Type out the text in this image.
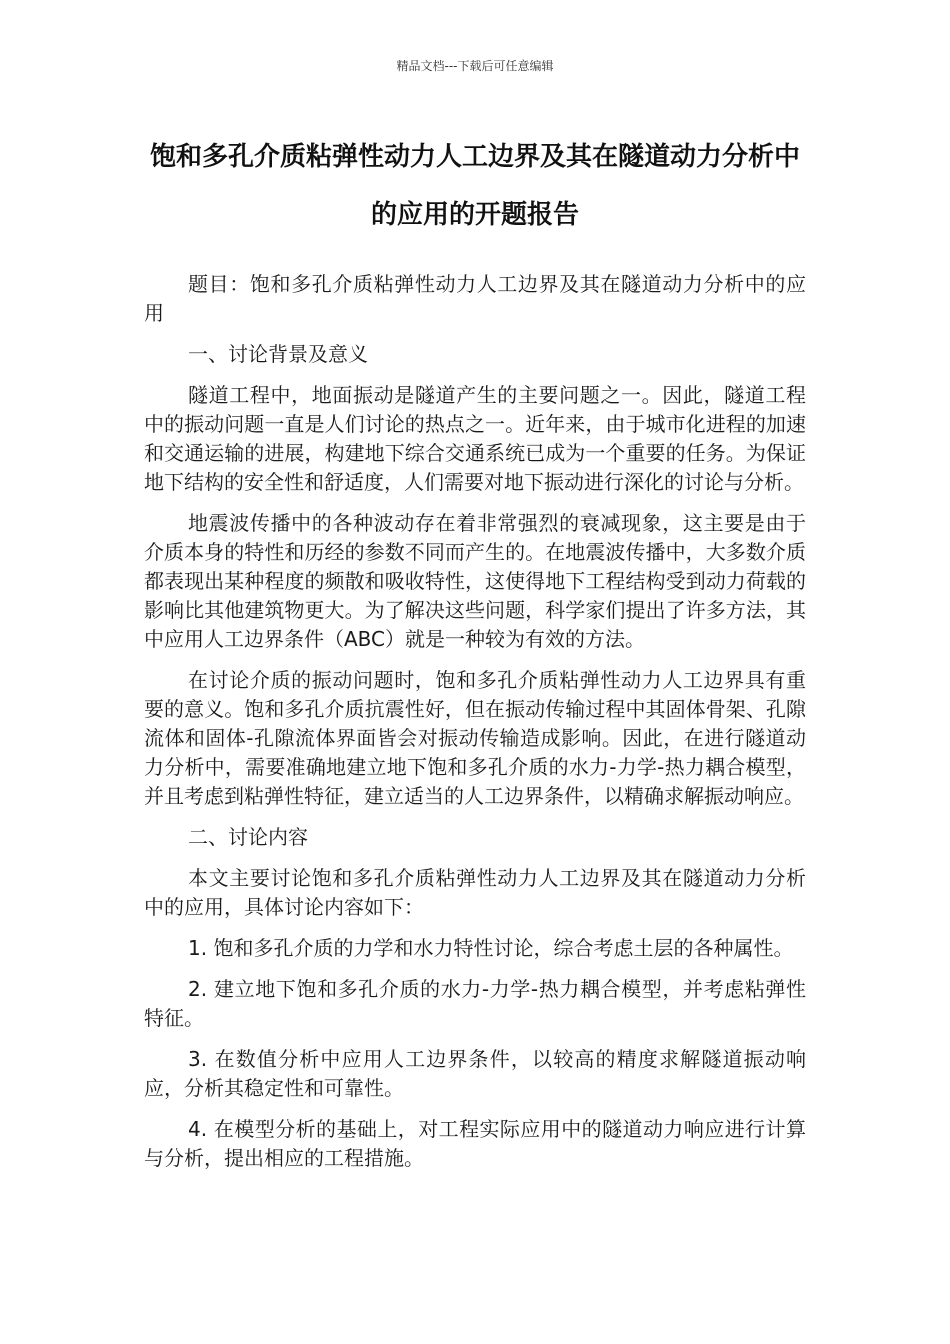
精品文档---下载后可任意编辑
饱和多孔介质粘弹性动力人工边界及其在隧道动力分析中的应用的开题报告

题目：饱和多孔介质粘弹性动力人工边界及其在隧道动力分析中的应用

一、讨论背景及意义

隧道工程中，地面振动是隧道产生的主要问题之一。因此，隧道工程中的振动问题一直是人们讨论的热点之一。近年来，由于城市化进程的加速和交通运输的进展，构建地下综合交通系统已成为一个重要的任务。为保证地下结构的安全性和舒适度，人们需要对地下振动进行深化的讨论与分析。

地震波传播中的各种波动存在着非常强烈的衰减现象，这主要是由于介质本身的特性和历经的参数不同而产生的。在地震波传播中，大多数介质都表现出某种程度的频散和吸收特性，这使得地下工程结构受到动力荷载的影响比其他建筑物更大。为了解决这些问题，科学家们提出了许多方法，其中应用人工边界条件（ABC）就是一种较为有效的方法。

在讨论介质的振动问题时，饱和多孔介质粘弹性动力人工边界具有重要的意义。饱和多孔介质抗震性好，但在振动传输过程中其固体骨架、孔隙流体和固体-孔隙流体界面皆会对振动传输造成影响。因此，在进行隧道动力分析中，需要准确地建立地下饱和多孔介质的水力-力学-热力耦合模型，并且考虑到粘弹性特征，建立适当的人工边界条件，以精确求解振动响应。

二、讨论内容

本文主要讨论饱和多孔介质粘弹性动力人工边界及其在隧道动力分析中的应用，具体讨论内容如下：

1. 饱和多孔介质的力学和水力特性讨论，综合考虑土层的各种属性。

2. 建立地下饱和多孔介质的水力-力学-热力耦合模型，并考虑粘弹性特征。

3. 在数值分析中应用人工边界条件，以较高的精度求解隧道振动响应，分析其稳定性和可靠性。

4. 在模型分析的基础上，对工程实际应用中的隧道动力响应进行计算与分析，提出相应的工程措施。
